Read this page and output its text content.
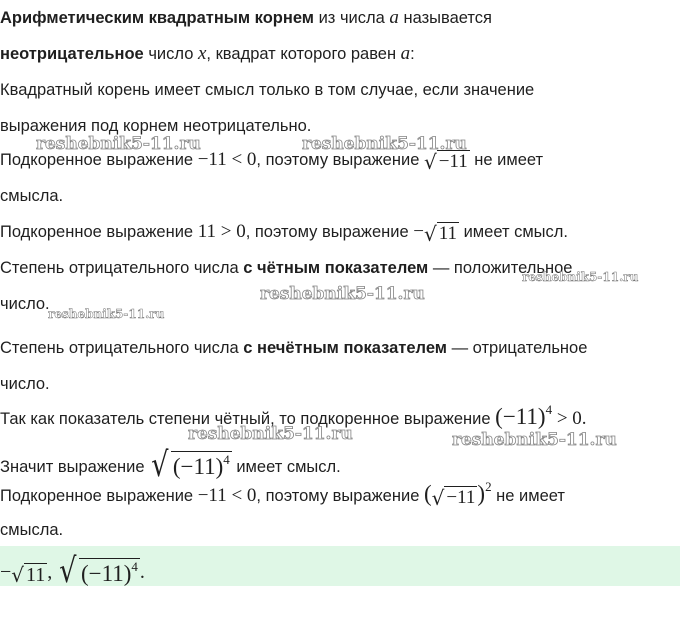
Арифметическим квадратным корнем из числа a называется
неотрицательное число x, квадрат которого равен a:
Квадратный корень имеет смысл только в том случае, если значение
выражения под корнем неотрицательно.
Подкоренное выражение −11 < 0, поэтому выражение √ −11 не имеет
смысла.
Подкоренное выражение 11 > 0, поэтому выражение − √ 11 имеет смысл.
Степень отрицательного числа с чётным показателем — положительное
число.
Степень отрицательного числа с нечётным показателем — отрицательное
число.
Так как показатель степени чётный, то подкоренное выражение $(-11)^4 > 0$.
Значит выражение √ $(-11)^4$ имеет смысл.
Подкоренное выражение −11 < 0, поэтому выражение ( √ −11 )$^2$ не имеет
смысла.
− √ 11 , √ $(-11)^4$ .
reshebnik5-11.ru	reshebnik5-11.ru
reshebnik5-11.ru
reshebnik5-11.ru
reshebnik5-11.ru
reshebnik5-11.ru	reshebnik5-11.ru
